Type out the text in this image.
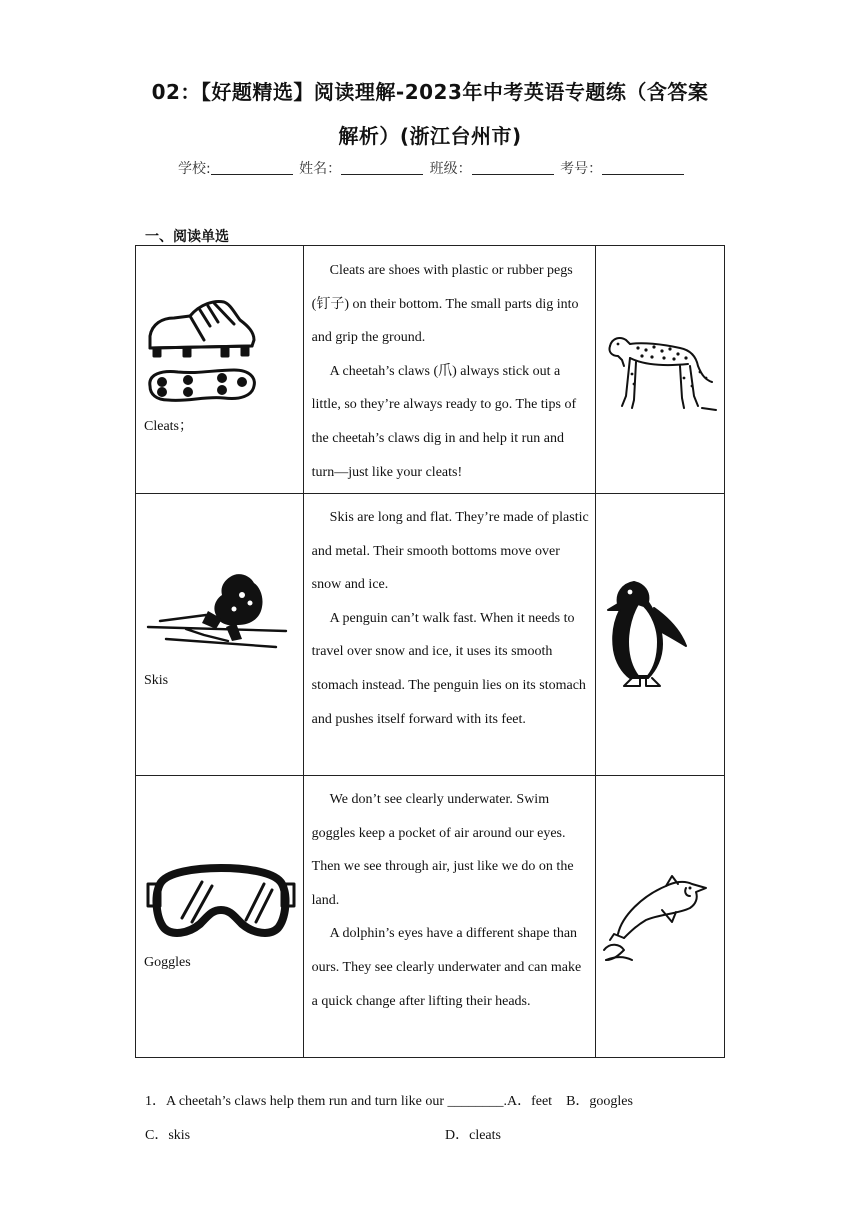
02：【好题精选】阅读理解-2023年中考英语专题练（含答案
解析）(浙江台州市)
学校:	姓名：	班级：	考号：
一、阅读单选
Cleats；	Cleats are shoes with plastic or rubber pegs (钉子) on their bottom. The small parts dig into and grip the ground.

A cheetah’s claws (爪) always stick out a little, so they’re always ready to go. The tips of the cheetah’s claws dig in and help it run and turn—just like your cleats!

Skis	Skis are long and flat. They’re made of plastic and metal. Their smooth bottoms move over snow and ice.

A penguin can’t walk fast. When it needs to travel over snow and ice, it uses its smooth stomach instead. The penguin lies on its stomach and pushes itself forward with its feet.

Goggles	We don’t see clearly underwater. Swim goggles keep a pocket of air around our eyes. Then we see through air, just like we do on the land.

A dolphin’s eyes have a different shape than ours. They see clearly underwater and can make a quick change after lifting their heads.

1．A cheetah’s claws help them run and turn like our ________.A．feet　B．googles
C．skis	D．cleats
